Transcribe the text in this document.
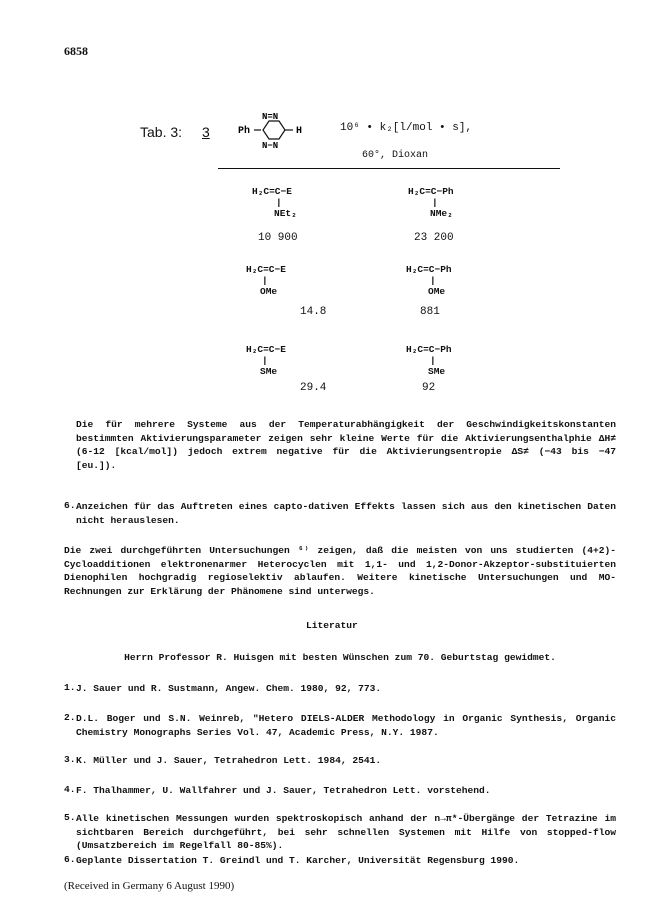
6858
Tab. 3: 3	Ph
N=N
N−N
H	10⁶ • k₂[l/mol • s],
60°, Dioxan
H₂C=C−E
|
NEt₂
10 900
H₂C=C−Ph
|
NMe₂
23 200
H₂C=C−E
|
OMe
14.8
H₂C=C−Ph
|
OMe
881
H₂C=C−E
|
SMe
29.4
H₂C=C−Ph
|
SMe
92
Die für mehrere Systeme aus der Temperaturabhängigkeit der Geschwindigkeitskonstanten bestimmten Aktivierungsparameter zeigen sehr kleine Werte für die Aktivierungsenthalphie ΔH≠ (6-12 [kcal/mol]) jedoch extrem negative für die Aktivierungsentropie ΔS≠ (−43 bis −47 [eu.]).
6. Anzeichen für das Auftreten eines capto-dativen Effekts lassen sich aus den kinetischen Daten nicht herauslesen.
Die zwei durchgeführten Untersuchungen ⁶⁾ zeigen, daß die meisten von uns studierten (4+2)-Cycloadditionen elektronenarmer Heterocyclen mit 1,1- und 1,2-Donor-Akzeptor-substituierten Dienophilen hochgradig regioselektiv ablaufen. Weitere kinetische Untersuchungen und MO-Rechnungen zur Erklärung der Phänomene sind unterwegs.
Literatur
Herrn Professor R. Huisgen mit besten Wünschen zum 70. Geburtstag gewidmet.
1. J. Sauer und R. Sustmann, Angew. Chem. 1980, 92, 773.
2. D.L. Boger und S.N. Weinreb, "Hetero DIELS-ALDER Methodology in Organic Synthesis, Organic Chemistry Monographs Series Vol. 47, Academic Press, N.Y. 1987.
3. K. Müller und J. Sauer, Tetrahedron Lett. 1984, 2541.
4. F. Thalhammer, U. Wallfahrer und J. Sauer, Tetrahedron Lett. vorstehend.
5. Alle kinetischen Messungen wurden spektroskopisch anhand der n→π*-Übergänge der Tetrazine im sichtbaren Bereich durchgeführt, bei sehr schnellen Systemen mit Hilfe von stopped-flow (Umsatzbereich im Regelfall 80-85%).
6. Geplante Dissertation T. Greindl und T. Karcher, Universität Regensburg 1990.
(Received in Germany 6 August 1990)
